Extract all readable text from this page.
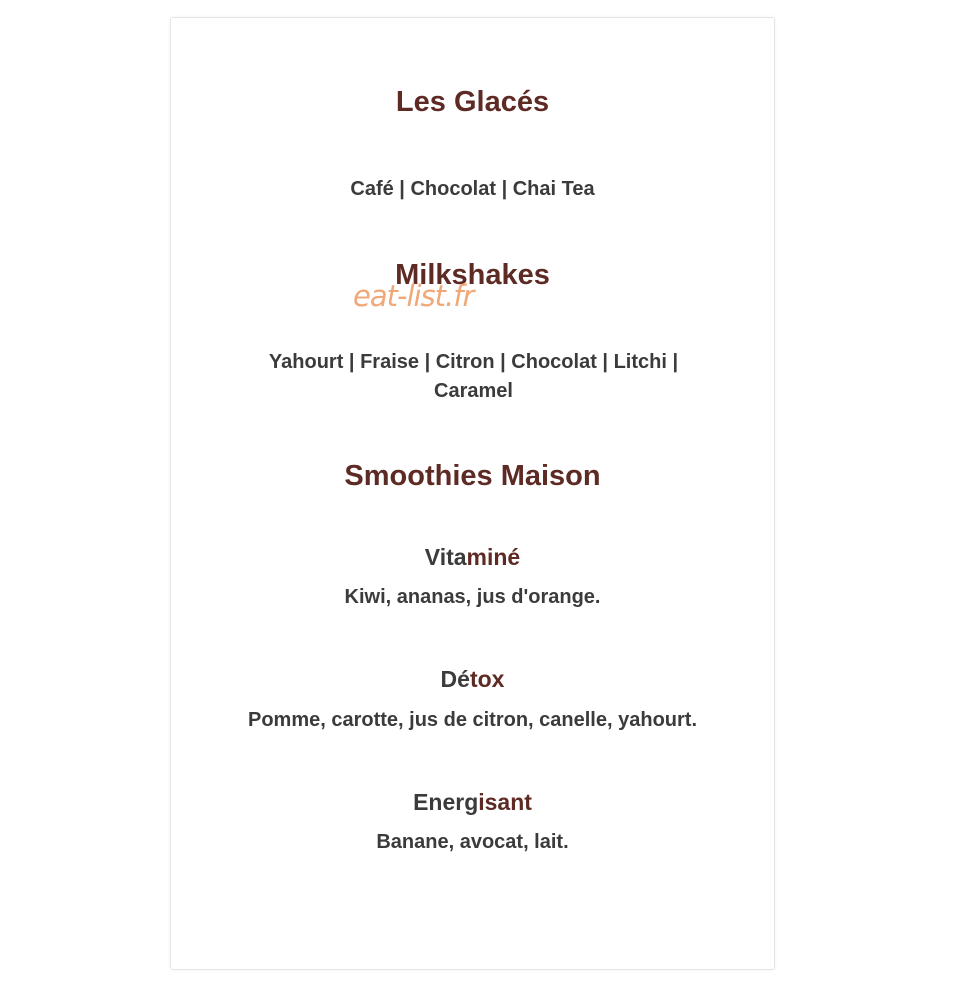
Les Glacés

Café | Chocolat | Chai Tea

Milkshakes

Yahourt | Fraise | Citron | Chocolat | Litchi | Caramel

Smoothies Maison
Vitaminé

Kiwi, ananas, jus d'orange.

Détox

Pomme, carotte, jus de citron, canelle, yahourt.

Energisant

Banane, avocat, lait.

eat-list.fr
